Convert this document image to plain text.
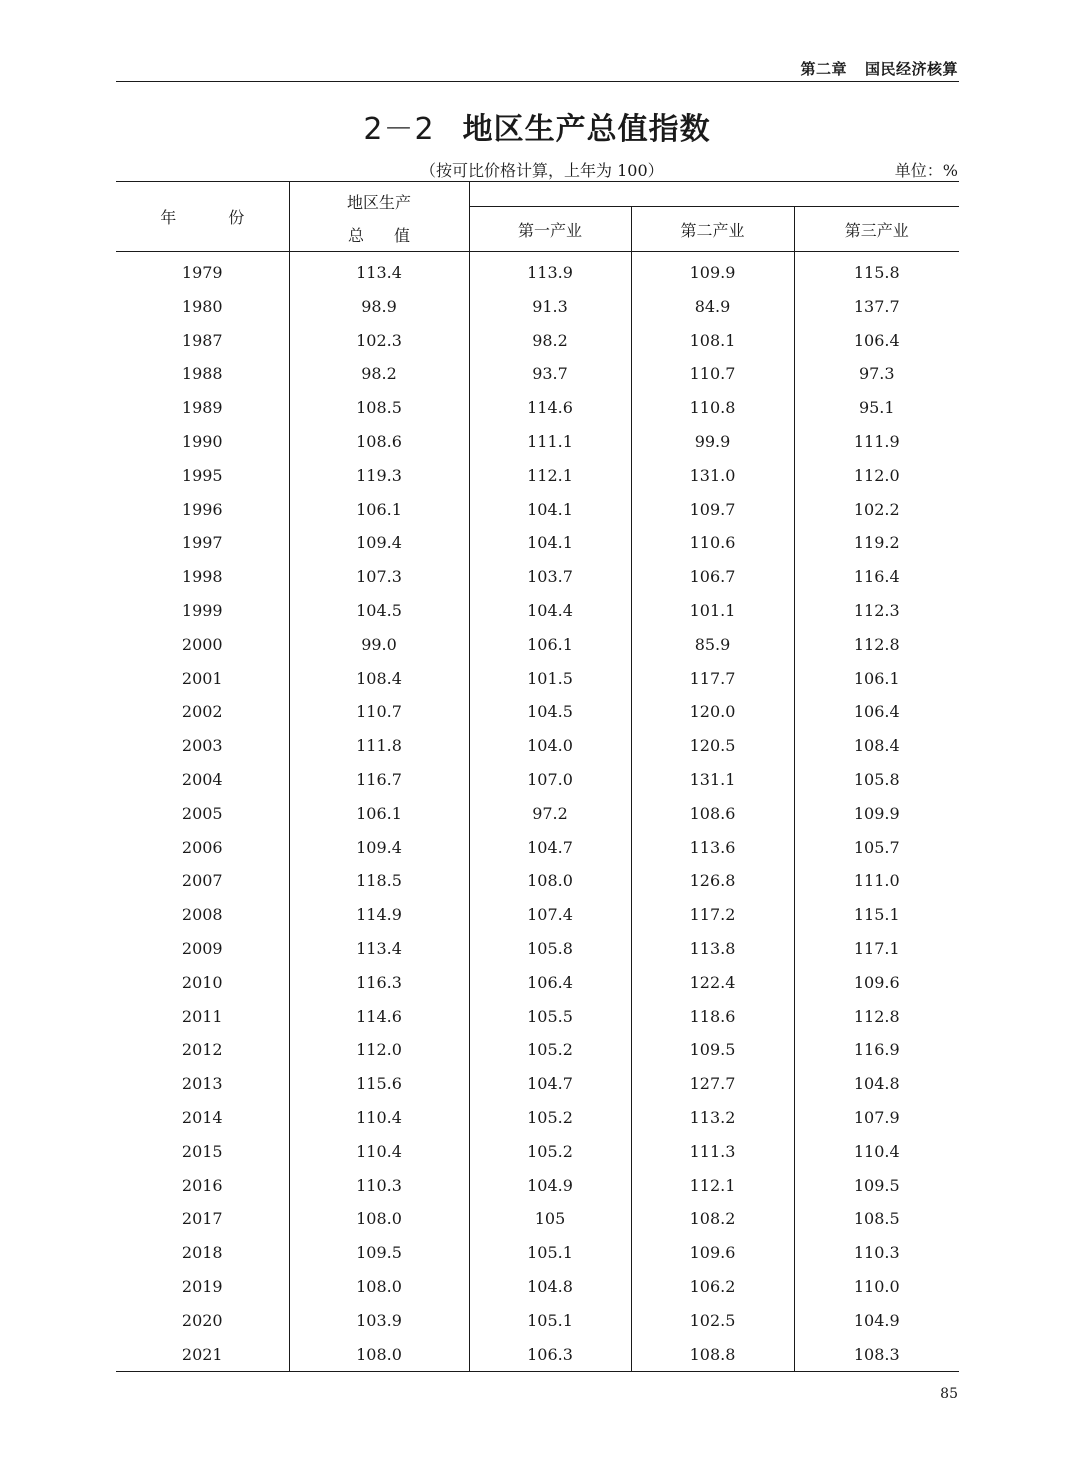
第二章 国民经济核算
2－2 地区生产总值指数
（按可比价格计算，上年为 100）	单位：%
年　份	地区生产
总值			

		第一产业	第二产业	第三产业
1979	113.4	113.9	109.9	115.8
1980	98.9	91.3	84.9	137.7
1987	102.3	98.2	108.1	106.4
1988	98.2	93.7	110.7	97.3
1989	108.5	114.6	110.8	95.1
1990	108.6	111.1	99.9	111.9
1995	119.3	112.1	131.0	112.0
1996	106.1	104.1	109.7	102.2
1997	109.4	104.1	110.6	119.2
1998	107.3	103.7	106.7	116.4
1999	104.5	104.4	101.1	112.3
2000	99.0	106.1	85.9	112.8
2001	108.4	101.5	117.7	106.1
2002	110.7	104.5	120.0	106.4
2003	111.8	104.0	120.5	108.4
2004	116.7	107.0	131.1	105.8
2005	106.1	97.2	108.6	109.9
2006	109.4	104.7	113.6	105.7
2007	118.5	108.0	126.8	111.0
2008	114.9	107.4	117.2	115.1
2009	113.4	105.8	113.8	117.1
2010	116.3	106.4	122.4	109.6
2011	114.6	105.5	118.6	112.8
2012	112.0	105.2	109.5	116.9
2013	115.6	104.7	127.7	104.8
2014	110.4	105.2	113.2	107.9
2015	110.4	105.2	111.3	110.4
2016	110.3	104.9	112.1	109.5
2017	108.0	105	108.2	108.5
2018	109.5	105.1	109.6	110.3
2019	108.0	104.8	106.2	110.0
2020	103.9	105.1	102.5	104.9
2021	108.0	106.3	108.8	108.3
85
